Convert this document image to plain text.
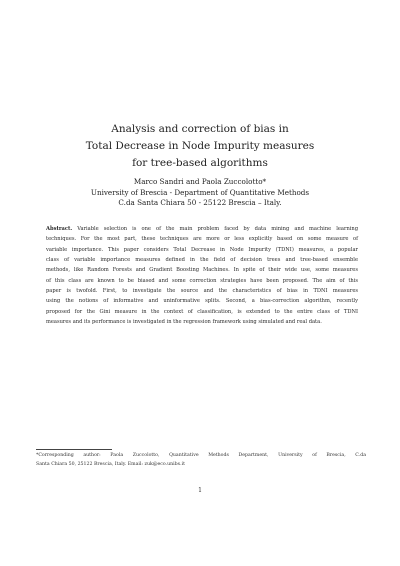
Analysis and correction of bias in
Total Decrease in Node Impurity measures
for tree-based algorithms
Marco Sandri and Paola Zuccolotto*
University of Brescia - Department of Quantitative Methods
C.da Santa Chiara 50 - 25122 Brescia – Italy.
Abstract. Variable selection is one of the main problem faced by data mining and machine learning
techniques. For the most part, these techniques are more or less explicitly based on some measure of
variable importance. This paper considers Total Decrease in Node Impurity (TDNI) measures, a popular
class of variable importance measures defined in the field of decision trees and tree-based ensemble
methods, like Random Forests and Gradient Boosting Machines. In spite of their wide use, some measures
of this class are known to be biased and some correction strategies have been proposed. The aim of this
paper is twofold. First, to investigate the source and the characteristics of bias in TDNI measures
using the notions of informative and uninformative splits. Second, a bias-correction algorithm, recently
proposed for the Gini measure in the context of classification, is extended to the entire class of TDNI
measures and its performance is investigated in the regression framework using simulated and real data.
*Corresponding author: Paola Zuccolotto, Quantitative Methods Department, University of Brescia, C.da
Santa Chiara 50, 25122 Brescia, Italy. Email: zuk@eco.unibs.it
1
